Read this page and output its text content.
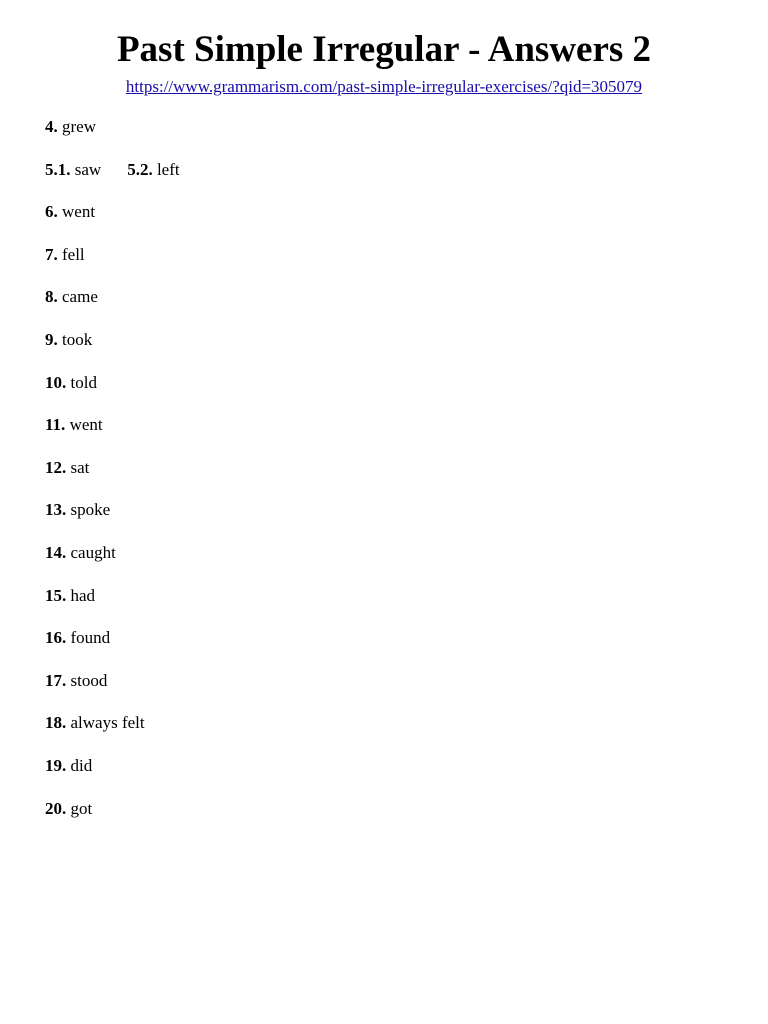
Past Simple Irregular - Answers 2
https://www.grammarism.com/past-simple-irregular-exercises/?qid=305079
4. grew
5.1. saw 5.2. left
6. went
7. fell
8. came
9. took
10. told
11. went
12. sat
13. spoke
14. caught
15. had
16. found
17. stood
18. always felt
19. did
20. got
